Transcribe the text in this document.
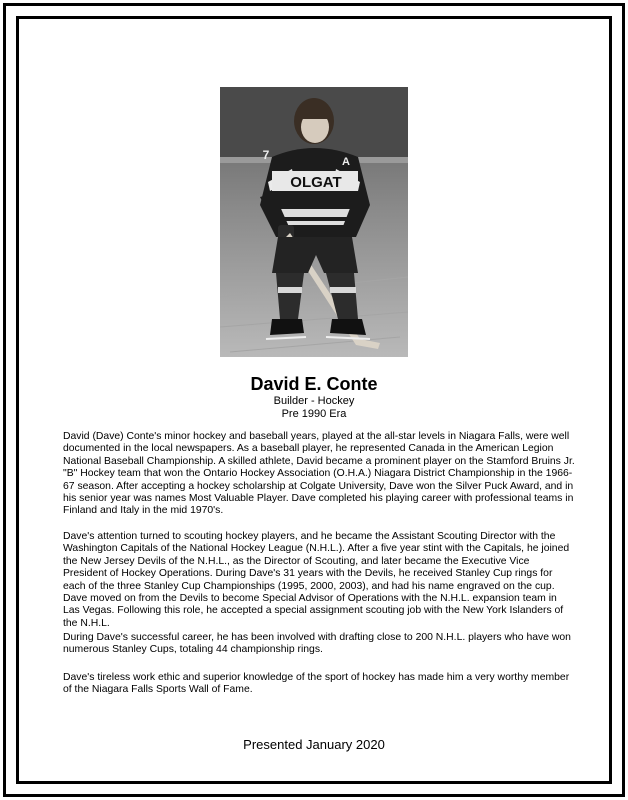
OLGAT
A
7
David E. Conte
Builder - Hockey
Pre 1990 Era

David (Dave) Conte's minor hockey and baseball years, played at the all-star levels in Niagara Falls, were well documented in the local newspapers. As a baseball player, he represented Canada in the American Legion National Baseball Championship. A skilled athlete, David became a prominent player on the Stamford Bruins Jr. "B" Hockey team that won the Ontario Hockey Association (O.H.A.) Niagara District Championship in the 1966-67 season. After accepting a hockey scholarship at Colgate University, Dave won the Silver Puck Award, and in his senior year was names Most Valuable Player. Dave completed his playing career with professional teams in Finland and Italy in the mid 1970's.

Dave's attention turned to scouting hockey players, and he became the Assistant Scouting Director with the Washington Capitals of the National Hockey League (N.H.L.). After a five year stint with the Capitals, he joined the New Jersey Devils of the N.H.L., as the Director of Scouting, and later became the Executive Vice President of Hockey Operations. During Dave's 31 years with the Devils, he received Stanley Cup rings for each of the three Stanley Cup Championships (1995, 2000, 2003), and had his name engraved on the cup. Dave moved on from the Devils to become Special Advisor of Operations with the N.H.L. expansion team in Las Vegas. Following this role, he accepted a special assignment scouting job with the New York Islanders of the N.H.L.

During Dave's successful career, he has been involved with drafting close to 200 N.H.L. players who have won numerous Stanley Cups, totaling 44 championship rings.

Dave's tireless work ethic and superior knowledge of the sport of hockey has made him a very worthy member of the Niagara Falls Sports Wall of Fame.

Presented January 2020
